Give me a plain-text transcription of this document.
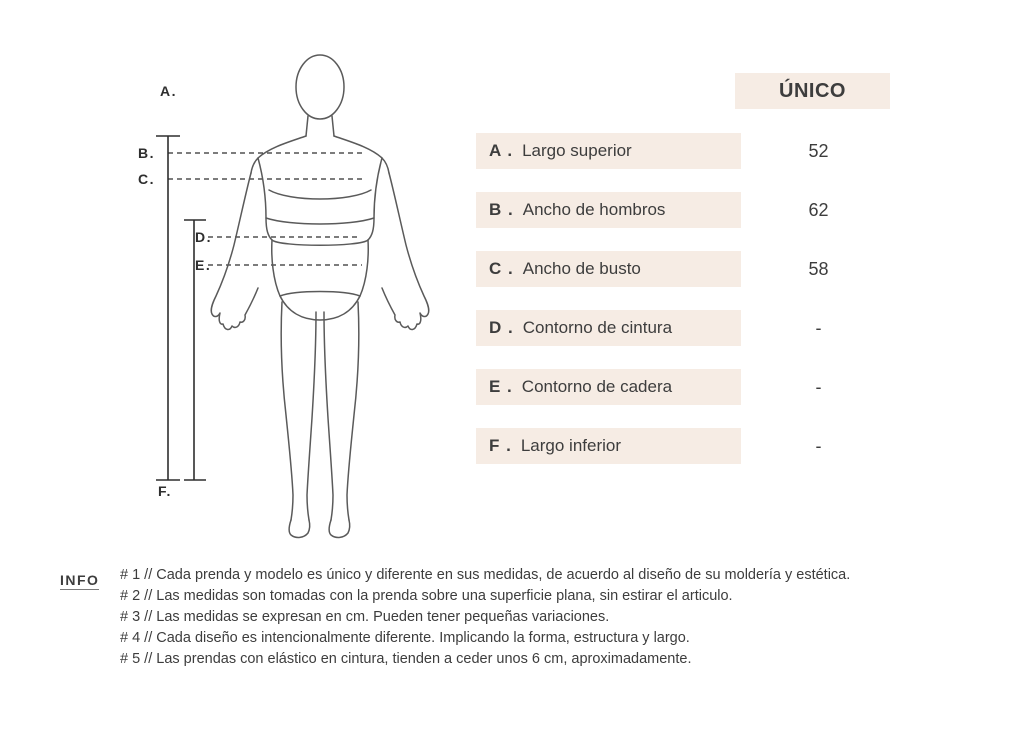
A.
B.
C.
D.
E.
F.
ÚNICO
A . Largo superior	52
B . Ancho de hombros	62
C . Ancho de busto	58
D . Contorno de cintura	-
E . Contorno de cadera	-
F . Largo inferior	-
INFO # 1 // Cada prenda y modelo es único y diferente en sus medidas, de acuerdo al diseño de su moldería y estética.
# 2 // Las medidas son tomadas con la prenda sobre una superficie plana, sin estirar el articulo.
# 3 // Las medidas se expresan en cm. Pueden tener pequeñas variaciones.
# 4 // Cada diseño es intencionalmente diferente. Implicando la forma, estructura y largo.
# 5 // Las prendas con elástico en cintura, tienden a ceder unos 6 cm, aproximadamente.
